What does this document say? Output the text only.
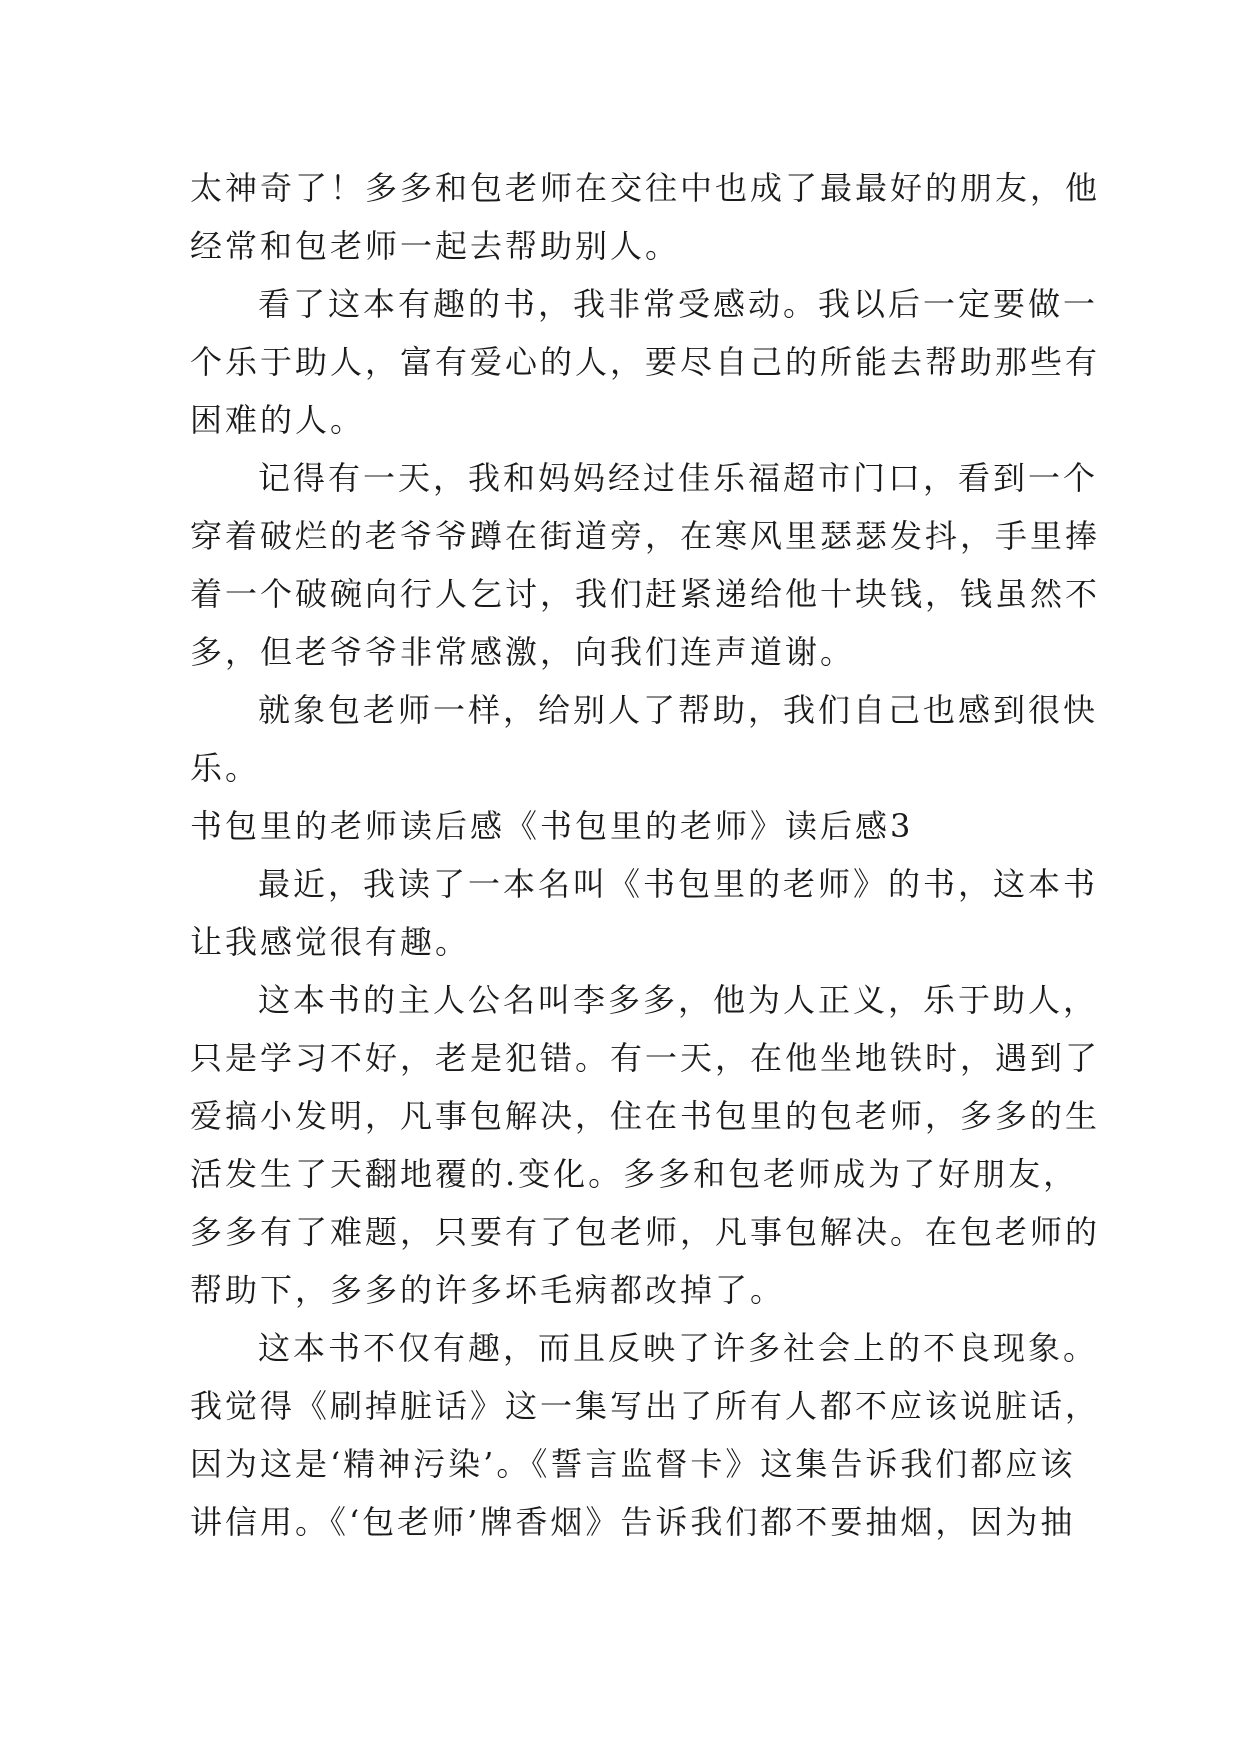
太神奇了！多多和包老师在交往中也成了最最好的朋友，他
经常和包老师一起去帮助别人。
看了这本有趣的书，我非常受感动。我以后一定要做一
个乐于助人，富有爱心的人，要尽自己的所能去帮助那些有
困难的人。
记得有一天，我和妈妈经过佳乐福超市门口，看到一个
穿着破烂的老爷爷蹲在街道旁，在寒风里瑟瑟发抖，手里捧
着一个破碗向行人乞讨，我们赶紧递给他十块钱，钱虽然不
多，但老爷爷非常感激，向我们连声道谢。
就象包老师一样，给别人了帮助，我们自己也感到很快
乐。
书包里的老师读后感《书包里的老师》读后感3
最近，我读了一本名叫《书包里的老师》的书，这本书
让我感觉很有趣。
这本书的主人公名叫李多多，他为人正义，乐于助人，
只是学习不好，老是犯错。有一天，在他坐地铁时，遇到了
爱搞小发明，凡事包解决，住在书包里的包老师，多多的生
活发生了天翻地覆的.变化。多多和包老师成为了好朋友，
多多有了难题，只要有了包老师，凡事包解决。在包老师的
帮助下，多多的许多坏毛病都改掉了。
这本书不仅有趣，而且反映了许多社会上的不良现象。
我觉得《刷掉脏话》这一集写出了所有人都不应该说脏话，
因为这是‘精神污染’。《誓言监督卡》这集告诉我们都应该
讲信用。《‘包老师’牌香烟》告诉我们都不要抽烟，因为抽
